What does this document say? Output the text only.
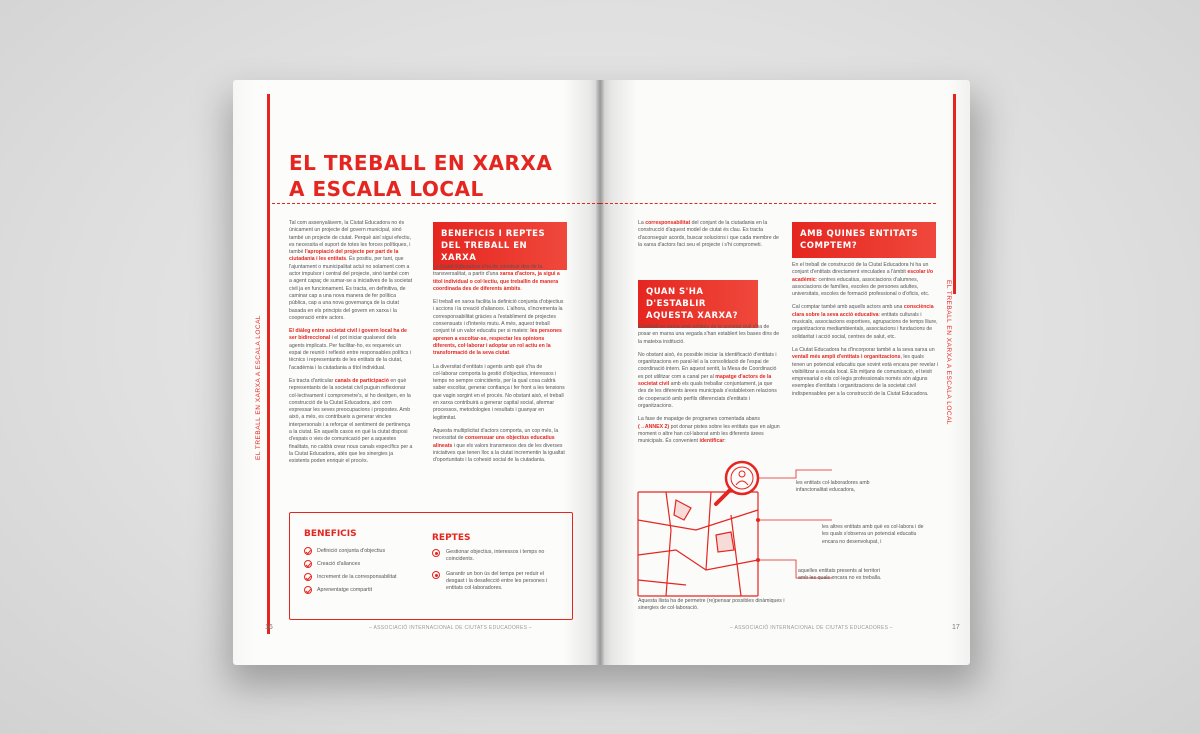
EL TREBALL EN XARXA A ESCALA LOCAL
EL TREBALL EN XARXA
A ESCALA LOCAL

Tal com assenyalàvem, la Ciutat Educadora no és únicament un projecte del govern municipal, sinó també un projecte de ciutat. Perquè així sigui efectiu, es necessita el suport de totes les forces polítiques, i també l'apropiació del projecte per part de la ciutadania i les entitats. És positiu, per tant, que l'ajuntament o municipalitat actuï no solament com a actor impulsor i central del projecte, sinó també com a agent capaç de sumar-se a iniciatives de la societat civil ja en funcionament. Es tracta, en definitiva, de caminar cap a una nova manera de fer política pública, cap a una nova governança de la ciutat basada en els principis del govern en xarxa i la cooperació entre actors.

El diàleg entre societat civil i govern local ha de ser bidireccional i el pot iniciar qualsevol dels agents implicats. Per facilitar-ho, es requereix un espai de reunió i reflexió entre responsables polítics i tècnics i representants de les entitats de la ciutat, l'acadèmia i la ciutadania a títol individual.

Es tracta d'articular canals de participació en què representants de la societat civil puguin reflexionar col·lectivament i comprometre's, si ho desitgen, en la construcció de la Ciutat Educadora, així com expressar les seves preocupacions i propostes. Amb això, a més, es contribueix a generar vincles interpersonals i a reforçar el sentiment de pertinença a la ciutat. En aquells casos en què la ciutat disposi d'espais o vies de comunicació per a aquestes finalitats, no caldrà crear nous canals específics per a la Ciutat Educadora, atès que les sinergies ja existents poden enriquir el procés.

BENEFICIS I REPTES
DEL TREBALL EN XARXA

La Ciutat Educadora s'ha de construir des de la transversalitat, a partir d'una xarxa d'actors, ja sigui a títol individual o col·lectiu, que treballin de manera coordinada des de diferents àmbits.

El treball en xarxa facilita la definició conjunta d'objectius i accions i la creació d'aliances. L'alhora, s'incrementa la corresponsabilitat gràcies a l'establiment de projectes consensuats i d'interès mutu. A més, aquest treball conjunt té un valor educatiu per si mateix: les persones aprenen a escoltar-se, respectar les opinions diferents, col·laborar i adoptar un rol actiu en la transformació de la seva ciutat.

La diversitat d'entitats i agents amb què s'ha de col·laborar comporta la gestió d'objectius, interessos i temps no sempre coincidents, per la qual cosa caldrà saber escoltar, generar confiança i fer front a les tensions que vagin sorgint en el procés. No obstant això, el treball en xarxa contribuirà a generar capital social, afermar processos, metodologies i resultats i guanyar en legitimitat.

Aquesta multiplicitat d'actors comporta, un cop més, la necessitat de consensuar uns objectius educatius alineats i que els valors transmesos des de les diverses iniciatives que tenen lloc a la ciutat incrementin la igualtat d'oportunitats i la cohesió social de la ciutadania.

BENEFICIS
Definició conjunta d'objectius
Creació d'aliances
Increment de la corresponsabilitat
Aprenentatge compartit
REPTES
Gestionar objectius, interessos i temps no coincidents.
Garantir un bon ús del temps per reduir el desgast i la desafecció entre les persones i entitats col·laboradores.
16	– ASSOCIACIÓ INTERNACIONAL DE CIUTATS EDUCADORES –
EL TREBALL EN XARXA A ESCALA LOCAL

La corresponsabilitat del conjunt de la ciutadania en la construcció d'aquest model de ciutat és clau. Es tracta d'aconseguir acords, buscar solucions i que cada membre de la xarxa d'actors faci seu el projecte i s'hi comprometi.

QUAN S'HA D'ESTABLIR
AQUESTA XARXA?

El treball en xarxa amb entitats de la societat civil s'ha de posar en marxa una vegada s'han establert les bases dins de la mateixa institució.

No obstant això, és possible iniciar la identificació d'entitats i organitzacions en paral·lel a la consolidació de l'espai de coordinació intern. En aquest sentit, la Mesa de Coordinació es pot utilitzar com a canal per al mapatge d'actors de la societat civil amb els quals treballar conjuntament, ja que des de les diferents àrees municipals s'estableixen relacions de cooperació amb perfils diferenciats d'entitats i organitzacions.

La fase de mapatge de programes comentada abans (→ANNEX 2) pot donar pistes sobre les entitats que en algun moment o altre han col·laborat amb les diferents àrees municipals. És convenient identificar:

AMB QUINES ENTITATS
COMPTEM?

En el treball de construcció de la Ciutat Educadora hi ha un conjunt d'entitats directament vinculades a l'àmbit escolar i/o acadèmic: centres educatius, associacions d'alumnes, associacions de famílies, escoles de persones adultes, universitats, escoles de formació professional o d'oficis, etc.

Cal comptar també amb aquells actors amb una consciència clara sobre la seva acció educativa: entitats culturals i musicals, associacions esportives, agrupacions de temps lliure, organitzacions mediambientals, associacions i fundacions de solidaritat i acció social, centres de salut, etc.

La Ciutat Educadora ha d'incorporar també a la seva xarxa un ventall més ampli d'entitats i organitzacions, les quals tenen un potencial educatiu que sovint està encara per revelar i visibilitzar a escala local. Els mitjans de comunicació, el teixit empresarial o els col·legis professionals només són alguns exemples d'entitats i organitzacions de la societat civil indispensables per a la construcció de la Ciutat Educadora.

les entitats col·laboradores amb infancionalitat educadora,
les altres entitats amb què es col·labora i de les quals s'observa un potencial educatiu encara no desenvolupat, i
aquelles entitats presents al territori amb les quals encara no es treballa.
Aquesta llista ha de permetre (re)pensar possibles dinàmiques i sinergies de col·laboració.
17
– ASSOCIACIÓ INTERNACIONAL DE CIUTATS EDUCADORES –
